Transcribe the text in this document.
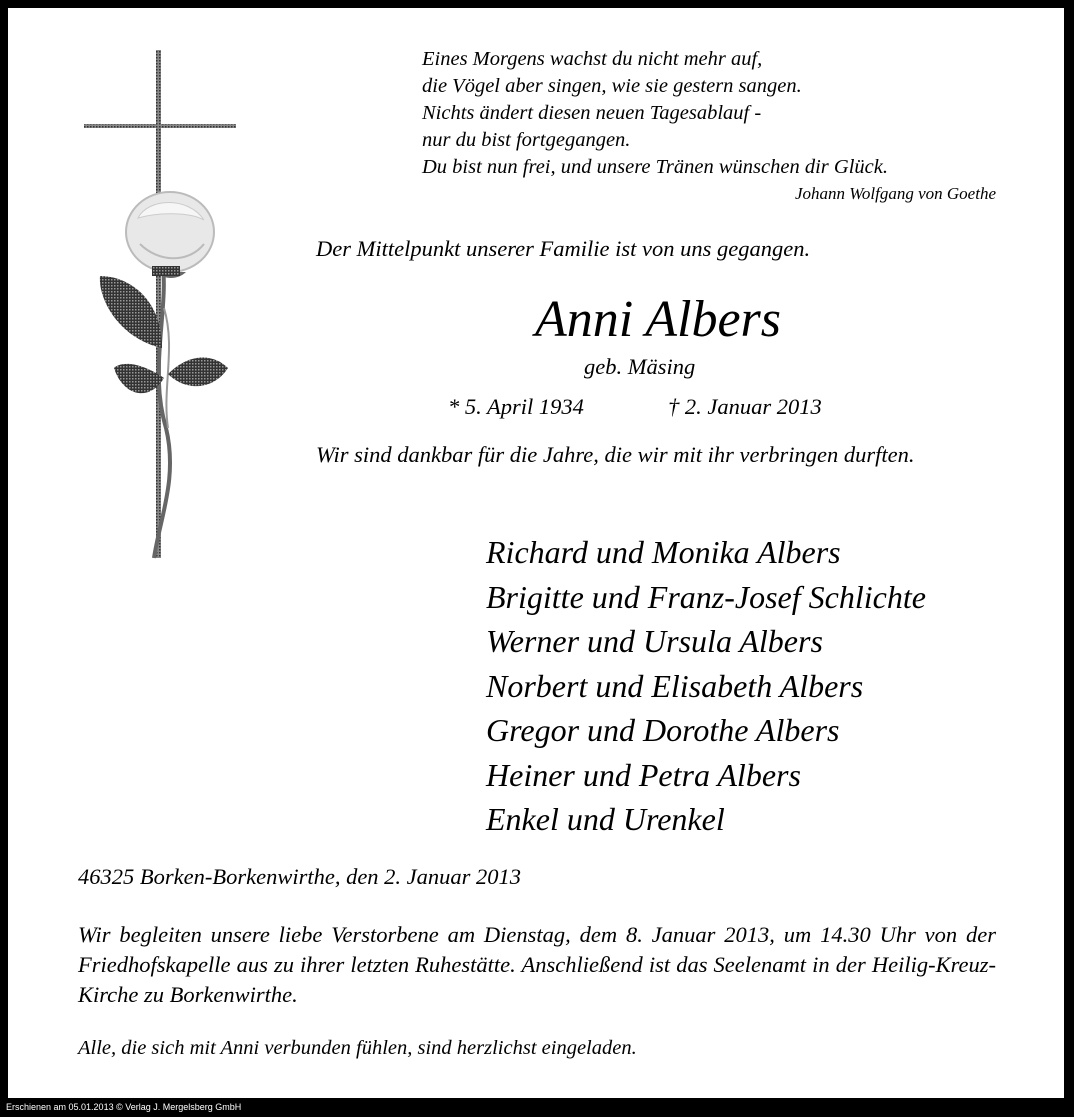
Eines Morgens wachst du nicht mehr auf,
die Vögel aber singen, wie sie gestern sangen.
Nichts ändert diesen neuen Tagesablauf -
nur du bist fortgegangen.
Du bist nun frei, und unsere Tränen wünschen dir Glück.
Johann Wolfgang von Goethe
Der Mittelpunkt unserer Familie ist von uns gegangen.
Anni Albers
geb. Mäsing
* 5. April 1934	† 2. Januar 2013
Wir sind dankbar für die Jahre, die wir mit ihr verbringen durften.
Richard und Monika Albers
Brigitte und Franz-Josef Schlichte
Werner und Ursula Albers
Norbert und Elisabeth Albers
Gregor und Dorothe Albers
Heiner und Petra Albers
Enkel und Urenkel
46325 Borken-Borkenwirthe, den 2. Januar 2013
Wir begleiten unsere liebe Verstorbene am Dienstag, dem 8. Januar 2013, um 14.30 Uhr von der Friedhofskapelle aus zu ihrer letzten Ruhestätte. Anschließend ist das Seelenamt in der Heilig-Kreuz-Kirche zu Borkenwirthe.
Alle, die sich mit Anni verbunden fühlen, sind herzlichst eingeladen.
Erschienen am 05.01.2013 © Verlag J. Mergelsberg GmbH
